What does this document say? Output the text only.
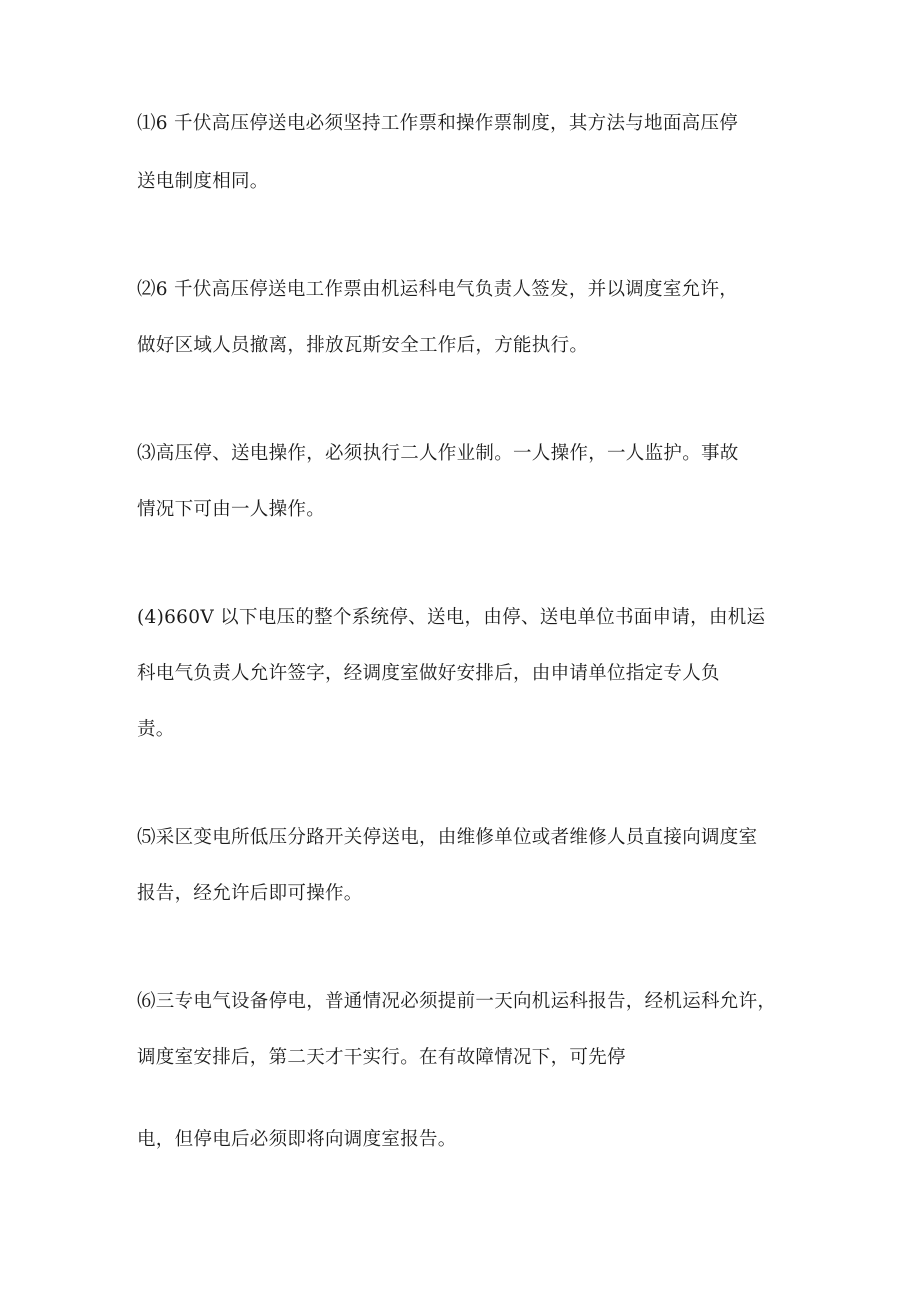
⑴6 千伏高压停送电必须坚持工作票和操作票制度，其方法与地面高压停
送电制度相同。
⑵6 千伏高压停送电工作票由机运科电气负责人签发，并以调度室允许，
做好区域人员撤离，排放瓦斯安全工作后，方能执行。
⑶高压停、送电操作，必须执行二人作业制。一人操作，一人监护。事故
情况下可由一人操作。
(4)660V 以下电压的整个系统停、送电，由停、送电单位书面申请，由机运
科电气负责人允许签字，经调度室做好安排后，由申请单位指定专人负
责。
⑸采区变电所低压分路开关停送电，由维修单位或者维修人员直接向调度室
报告，经允许后即可操作。
⑹三专电气设备停电，普通情况必须提前一天向机运科报告，经机运科允许，
调度室安排后，第二天才干实行。在有故障情况下，可先停
电，但停电后必须即将向调度室报告。
